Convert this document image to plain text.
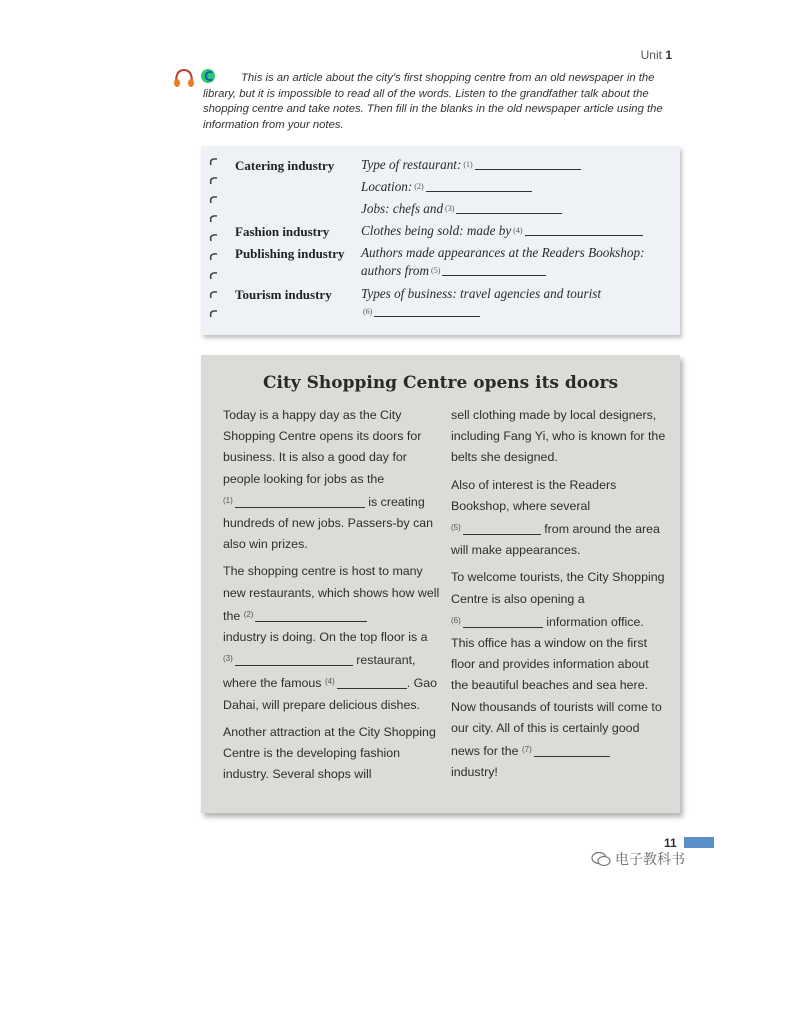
Unit 1
C	This is an article about the city's first shopping centre from an old newspaper in the library, but it is impossible to read all of the words. Listen to the grandfather talk about the shopping centre and take notes. Then fill in the blanks in the old newspaper article using the information from your notes.
Catering industry Type of restaurant: $^{(1)}$
Location: $^{(2)}$
Jobs: chefs and $^{(3)}$
Fashion industry Clothes being sold: made by $^{(4)}$
Publishing industry Authors made appearances at the Readers Bookshop:
authors from $^{(5)}$
Tourism industry Types of business: travel agencies and tourist
$^{(6)}$
City Shopping Centre opens its doors

Today is a happy day as the City Shopping Centre opens its doors for business. It is also a good day for people looking for jobs as the
$^{(1)}$	is creating hundreds of new jobs. Passers-by can also win prizes.

The shopping centre is host to many new restaurants, which shows how well the $^{(2)}$
industry is doing. On the top floor is a
$^{(3)}$	restaurant, where the famous $^{(4)}$	. Gao Dahai, will prepare delicious dishes.

Another attraction at the City Shopping Centre is the developing fashion industry. Several shops will

sell clothing made by local designers, including Fang Yi, who is known for the belts she designed.

Also of interest is the Readers Bookshop, where several
$^{(5)}$	from around the area will make appearances.

To welcome tourists, the City Shopping Centre is also opening a
$^{(6)}$	information office. This office has a window on the first floor and provides information about the beautiful beaches and sea here. Now thousands of tourists will come to our city. All of this is certainly good news for the $^{(7)}$
industry!

11
电子教科书
